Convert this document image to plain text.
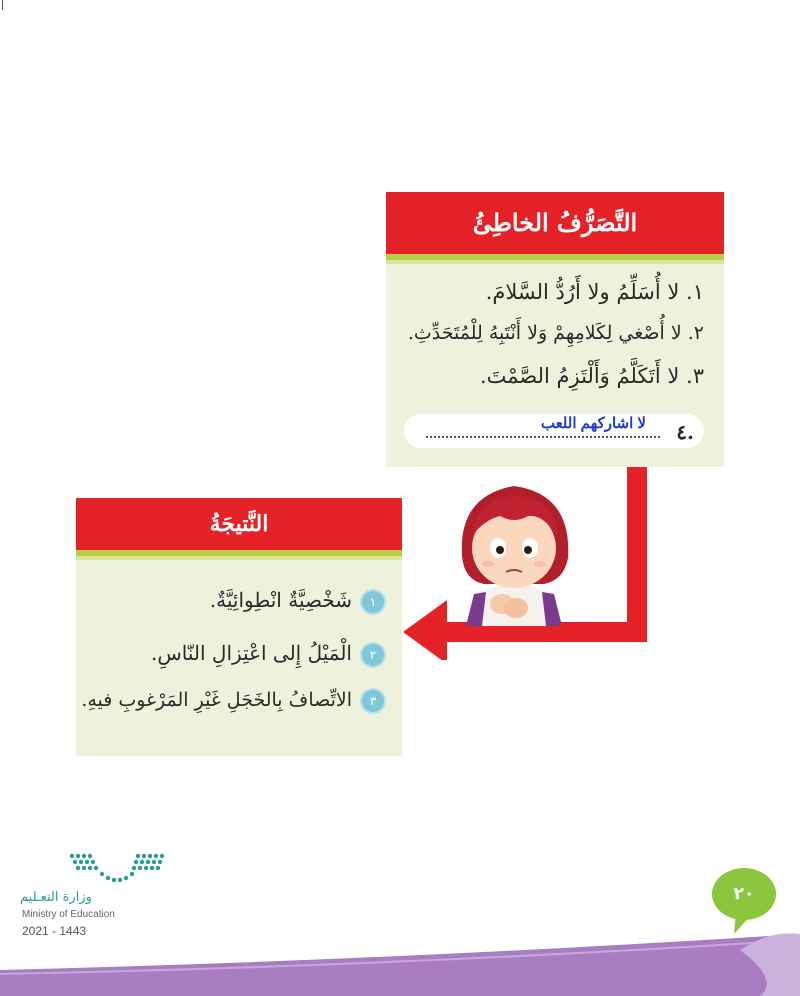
التَّصَرُّفُ الخاطِئُ
١. لا أُسَلِّمُ ولا أَرُدُّ السَّلامَ.
٢. لا أُصْغي لِكَلامِهِمْ وَلا أَنْتَبِهُ لِلْمُتَحَدِّثِ.
٣. لا أَتَكَلَّمُ وَأَلْتَزِمُ الصَّمْتَ.
٤.
لا اشاركهم اللعب
النَّتيجَةُ
١شَخْصِيَّةٌ انْطِوائِيَّةٌ.
٢الْمَيْلُ إِلى اعْتِزالِ النّاسِ.
٣الاتِّصافُ بِالخَجَلِ غَيْرِ المَرْغوبِ فيهِ.
وزارة التعـليم
Ministry of Education
2021 - 1443
٢٠
